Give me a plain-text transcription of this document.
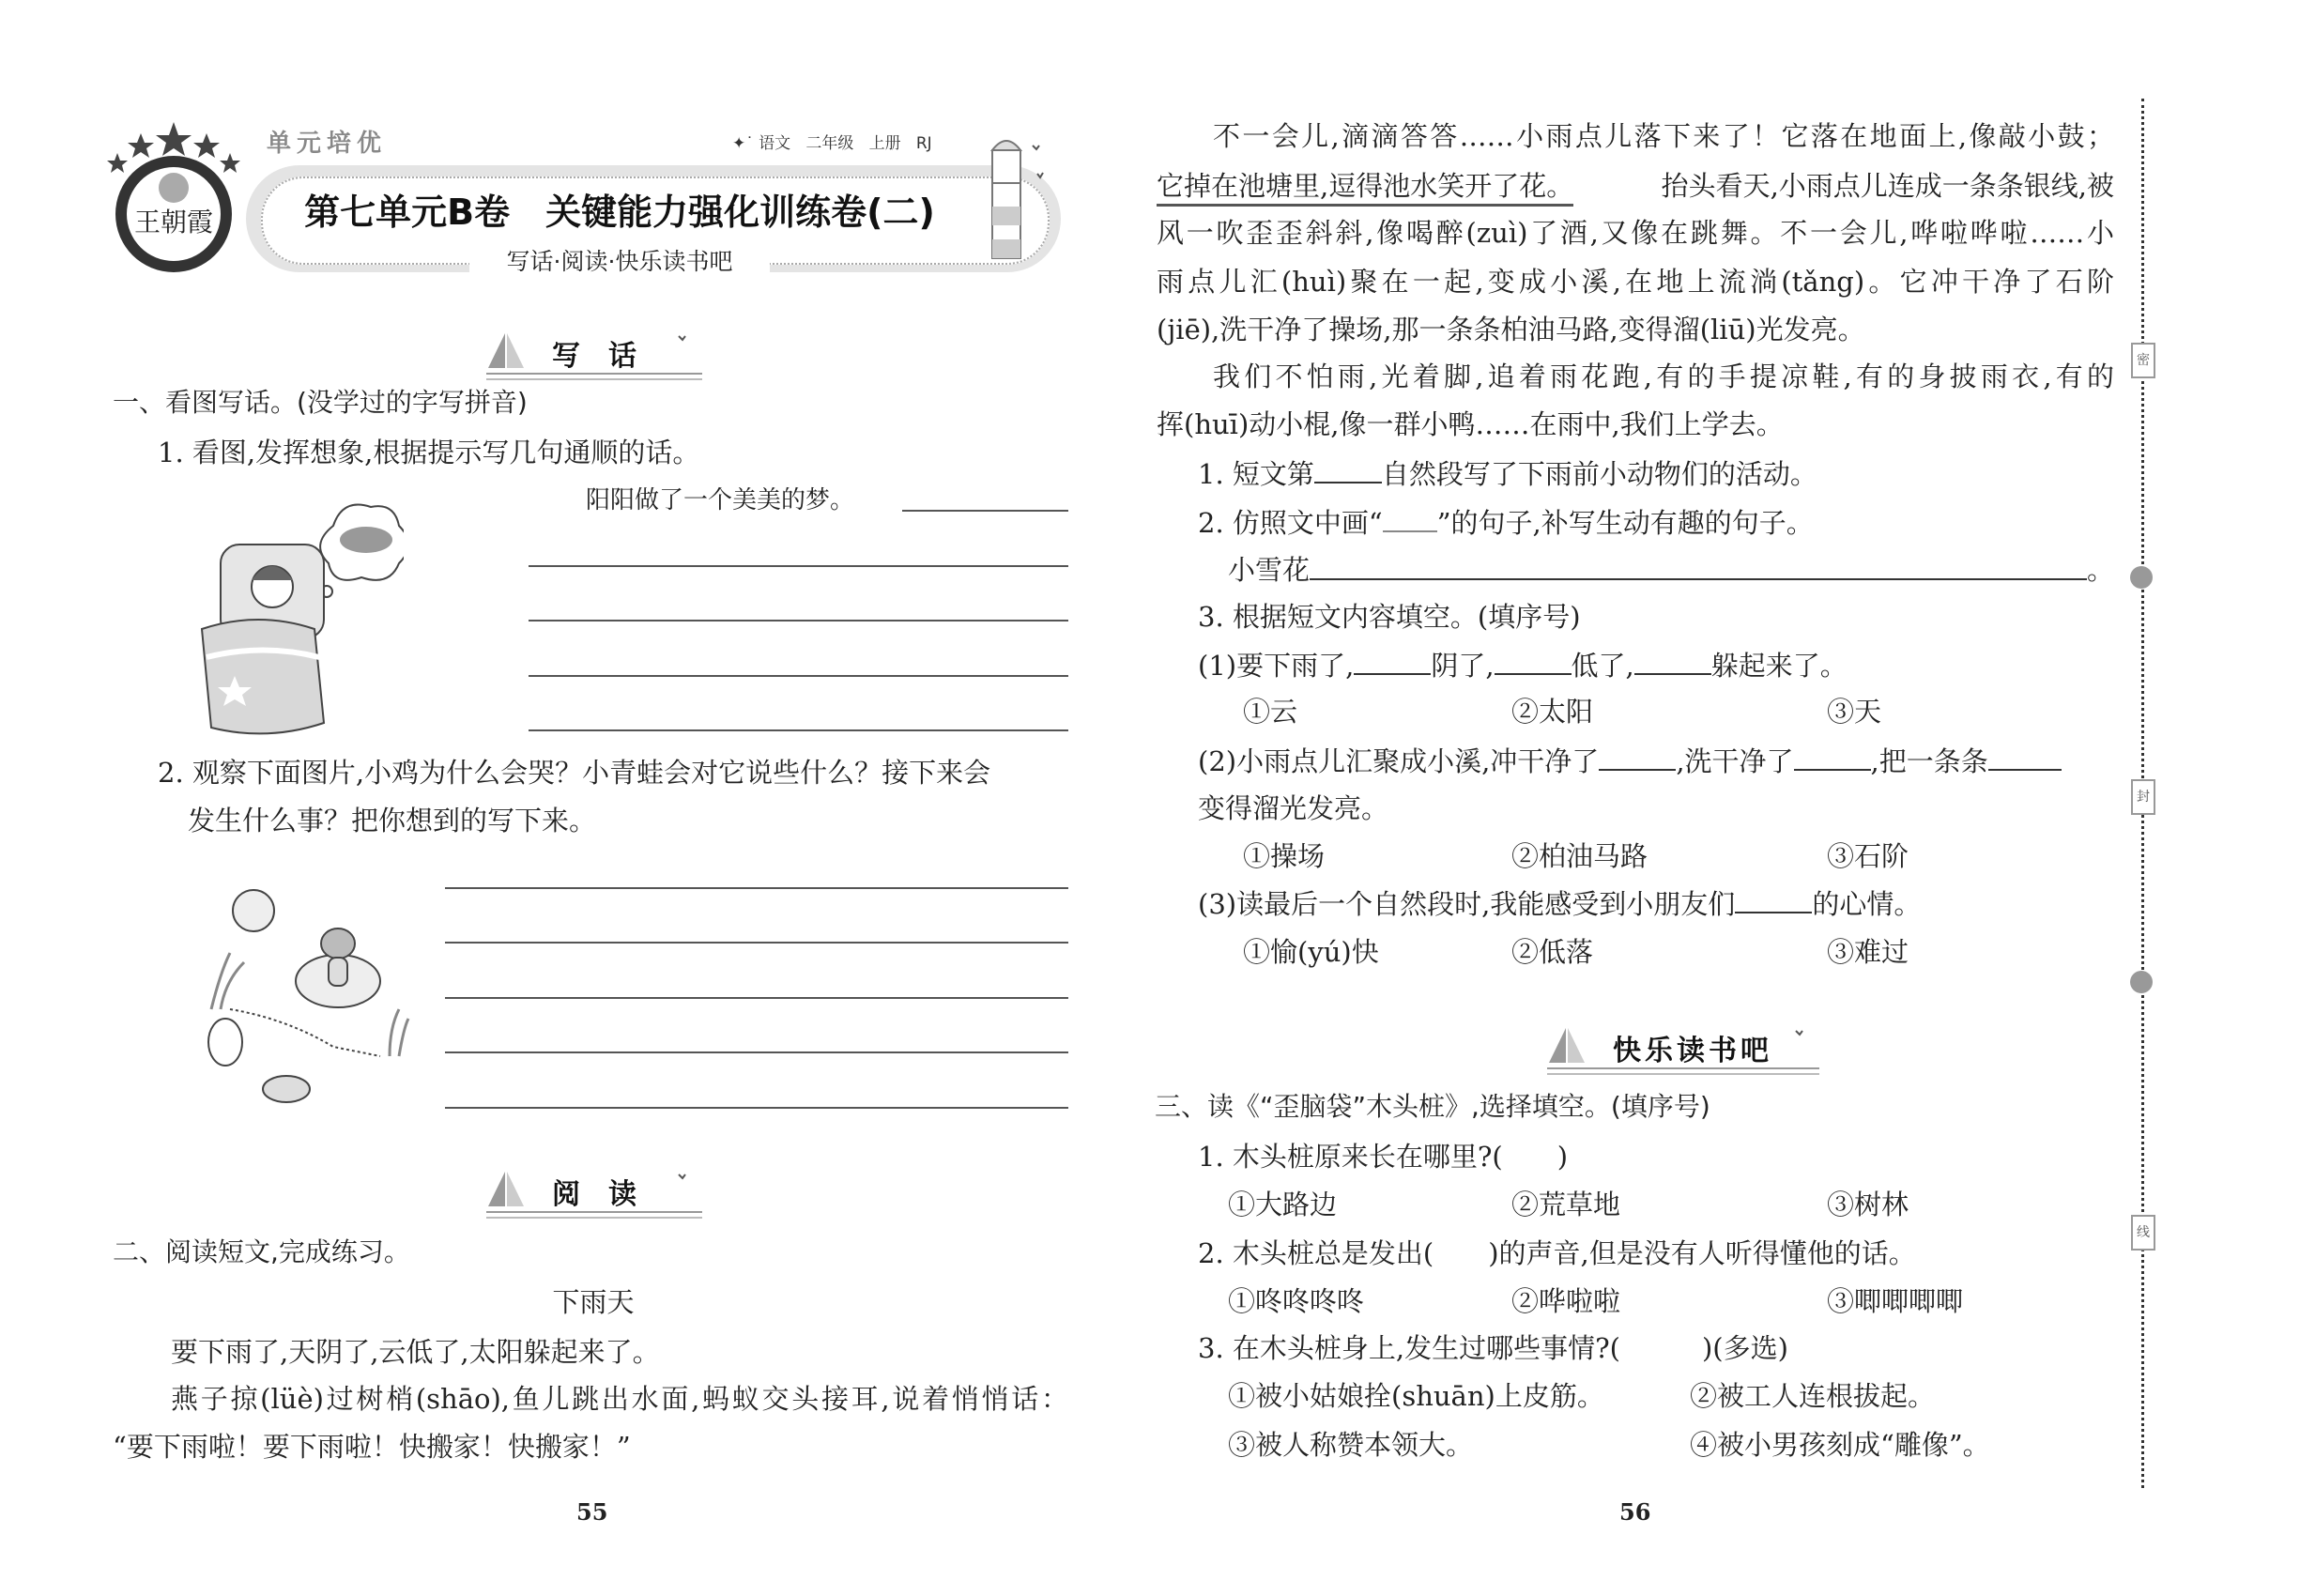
王朝霞
单元培优	✦˙ 语文 二年级 上册 RJ
第七单元B卷　关键能力强化训练卷(二)
写话·阅读·快乐读书吧
写话
一、看图写话。(没学过的字写拼音)
1. 看图,发挥想象,根据提示写几句通顺的话。
阳阳做了一个美美的梦。
2. 观察下面图片,小鸡为什么会哭？小青蛙会对它说些什么？接下来会
发生什么事？把你想到的写下来。
阅读
二、阅读短文,完成练习。
下雨天
要下雨了,天阴了,云低了,太阳躲起来了。
燕子掠(lüè)过树梢(shāo),鱼儿跳出水面,蚂蚁交头接耳,说着悄悄话：
“要下雨啦！要下雨啦！快搬家！快搬家！”
55
不一会儿,滴滴答答……小雨点儿落下来了！它落在地面上,像敲小鼓；
它掉在池塘里,逗得池水笑开了花。	抬头看天,小雨点儿连成一条条银线,被
风一吹歪歪斜斜,像喝醉(zuì)了酒,又像在跳舞。不一会儿,哗啦哗啦……小
雨点儿汇(huì)聚在一起,变成小溪,在地上流淌(tǎng)。它冲干净了石阶
(jiē),洗干净了操场,那一条条柏油马路,变得溜(liū)光发亮。
我们不怕雨,光着脚,追着雨花跑,有的手提凉鞋,有的身披雨衣,有的
挥(huī)动小棍,像一群小鸭……在雨中,我们上学去。
1. 短文第 自然段写了下雨前小动物们的活动。
2. 仿照文中画“ ”的句子,补写生动有趣的句子。
小雪花	。
3. 根据短文内容填空。(填序号)
(1)要下雨了,	阴了,	低了,	躲起来了。
①云	②太阳	③天
(2)小雨点儿汇聚成小溪,冲干净了	,洗干净了	,把一条条
变得溜光发亮。
①操场	②柏油马路	③石阶
(3)读最后一个自然段时,我能感受到小朋友们	的心情。
①愉(yú)快	②低落	③难过
快乐读书吧
三、读《“歪脑袋”木头桩》,选择填空。(填序号)
1. 木头桩原来长在哪里?(　　)
①大路边	②荒草地	③树林
2. 木头桩总是发出(　　)的声音,但是没有人听得懂他的话。
①咚咚咚咚	②哗啦啦	③唧唧唧唧
3. 在木头桩身上,发生过哪些事情?(　　　)(多选)
①被小姑娘拴(shuān)上皮筋。	②被工人连根拔起。
③被人称赞本领大。	④被小男孩刻成“雕像”。
56
密
封
线
